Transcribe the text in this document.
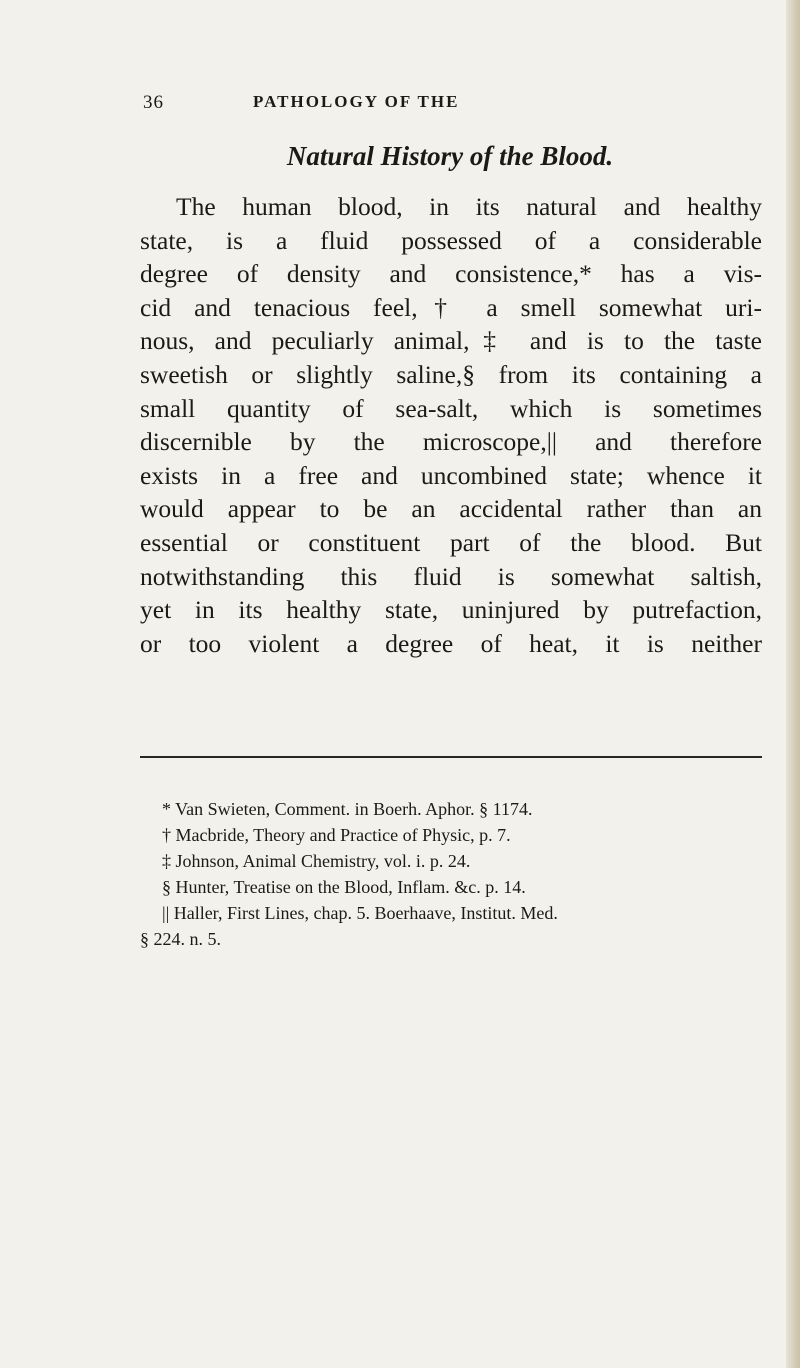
36	PATHOLOGY OF THE
Natural History of the Blood.

The human blood, in its natural and healthy
state, is a fluid possessed of a considerable
degree of density and consistence,* has a vis-
cid and tenacious feel,† a smell somewhat uri-
nous, and peculiarly animal,‡ and is to the taste
sweetish or slightly saline,§ from its containing a
small quantity of sea-salt, which is sometimes
discernible by the microscope,|| and therefore
exists in a free and uncombined state; whence it
would appear to be an accidental rather than an
essential or constituent part of the blood. But
notwithstanding this fluid is somewhat saltish,
yet in its healthy state, uninjured by putrefaction,
or too violent a degree of heat, it is neither

* Van Swieten, Comment. in Boerh. Aphor. § 1174.
† Macbride, Theory and Practice of Physic, p. 7.
‡ Johnson, Animal Chemistry, vol. i. p. 24.
§ Hunter, Treatise on the Blood, Inflam. &c. p. 14.
|| Haller, First Lines, chap. 5. Boerhaave, Institut. Med.
§ 224. n. 5.
